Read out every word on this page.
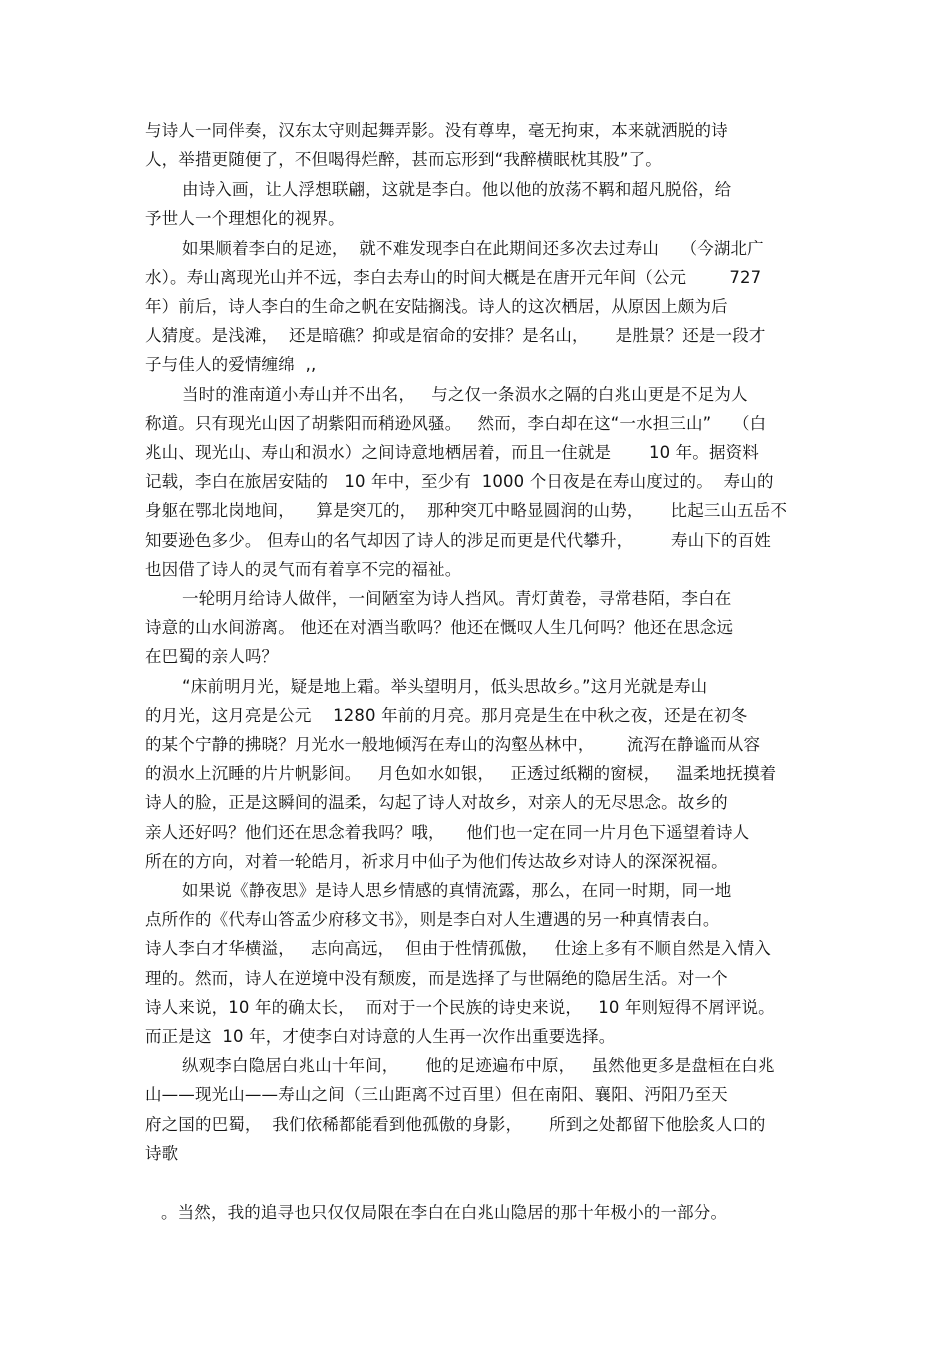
与诗人一同伴奏，汉东太守则起舞弄影。没有尊卑，毫无拘束，本来就洒脱的诗
人，举措更随便了，不但喝得烂醉，甚而忘形到“我醉横眠枕其股”了。
由诗入画，让人浮想联翩，这就是李白。他以他的放荡不羁和超凡脱俗，给
予世人一个理想化的视界。
如果顺着李白的足迹，  就不难发现李白在此期间还多次去过寿山    （今湖北广
水）。寿山离现光山并不远，李白去寿山的时间大概是在唐开元年间（公元        727
年）前后，诗人李白的生命之帆在安陆搁浅。诗人的这次栖居，从原因上颇为后
人猜度。是浅滩，  还是暗礁？抑或是宿命的安排？是名山，     是胜景？还是一段才
子与佳人的爱情缠绵  ,,
当时的淮南道小寿山并不出名，   与之仅一条涢水之隔的白兆山更是不足为人
称道。只有现光山因了胡紫阳而稍逊风骚。   然而，李白却在这“一水担三山”    （白
兆山、现光山、寿山和涢水）之间诗意地栖居着，而且一住就是       10 年。据资料
记载，李白在旅居安陆的   10 年中，至少有  1000 个日夜是在寿山度过的。  寿山的
身躯在鄂北岗地间，    算是突兀的，  那种突兀中略显圆润的山势，     比起三山五岳不
知要逊色多少。 但寿山的名气却因了诗人的涉足而更是代代攀升，       寿山下的百姓
也因借了诗人的灵气而有着享不完的福祉。
一轮明月给诗人做伴，一间陋室为诗人挡风。青灯黄卷，寻常巷陌，李白在
诗意的山水间游离。 他还在对酒当歌吗？他还在慨叹人生几何吗？他还在思念远
在巴蜀的亲人吗？
“床前明月光，疑是地上霜。举头望明月，低头思故乡。”这月光就是寿山
的月光，这月亮是公元    1280 年前的月亮。那月亮是生在中秋之夜，还是在初冬
的某个宁静的拂晓？月光水一般地倾泻在寿山的沟壑丛林中，      流泻在静谧而从容
的涢水上沉睡的片片帆影间。   月色如水如银，   正透过纸糊的窗棂，   温柔地抚摸着
诗人的脸，正是这瞬间的温柔，勾起了诗人对故乡，对亲人的无尽思念。故乡的
亲人还好吗？他们还在思念着我吗？哦，    他们也一定在同一片月色下遥望着诗人
所在的方向，对着一轮皓月，祈求月中仙子为他们传达故乡对诗人的深深祝福。
如果说《静夜思》是诗人思乡情感的真情流露，那么，在同一时期，同一地
点所作的《代寿山答孟少府移文书》，则是李白对人生遭遇的另一种真情表白。
诗人李白才华横溢，   志向高远，  但由于性情孤傲，   仕途上多有不顺自然是入情入
理的。然而，诗人在逆境中没有颓废，而是选择了与世隔绝的隐居生活。对一个
诗人来说，10 年的确太长，  而对于一个民族的诗史来说，   10 年则短得不屑评说。
而正是这  10 年，才使李白对诗意的人生再一次作出重要选择。
纵观李白隐居白兆山十年间，     他的足迹遍布中原，   虽然他更多是盘桓在白兆
山——现光山——寿山之间（三山距离不过百里）但在南阳、襄阳、沔阳乃至天
府之国的巴蜀，  我们依稀都能看到他孤傲的身影，     所到之处都留下他脍炙人口的
诗歌
。当然，我的追寻也只仅仅局限在李白在白兆山隐居的那十年极小的一部分。
